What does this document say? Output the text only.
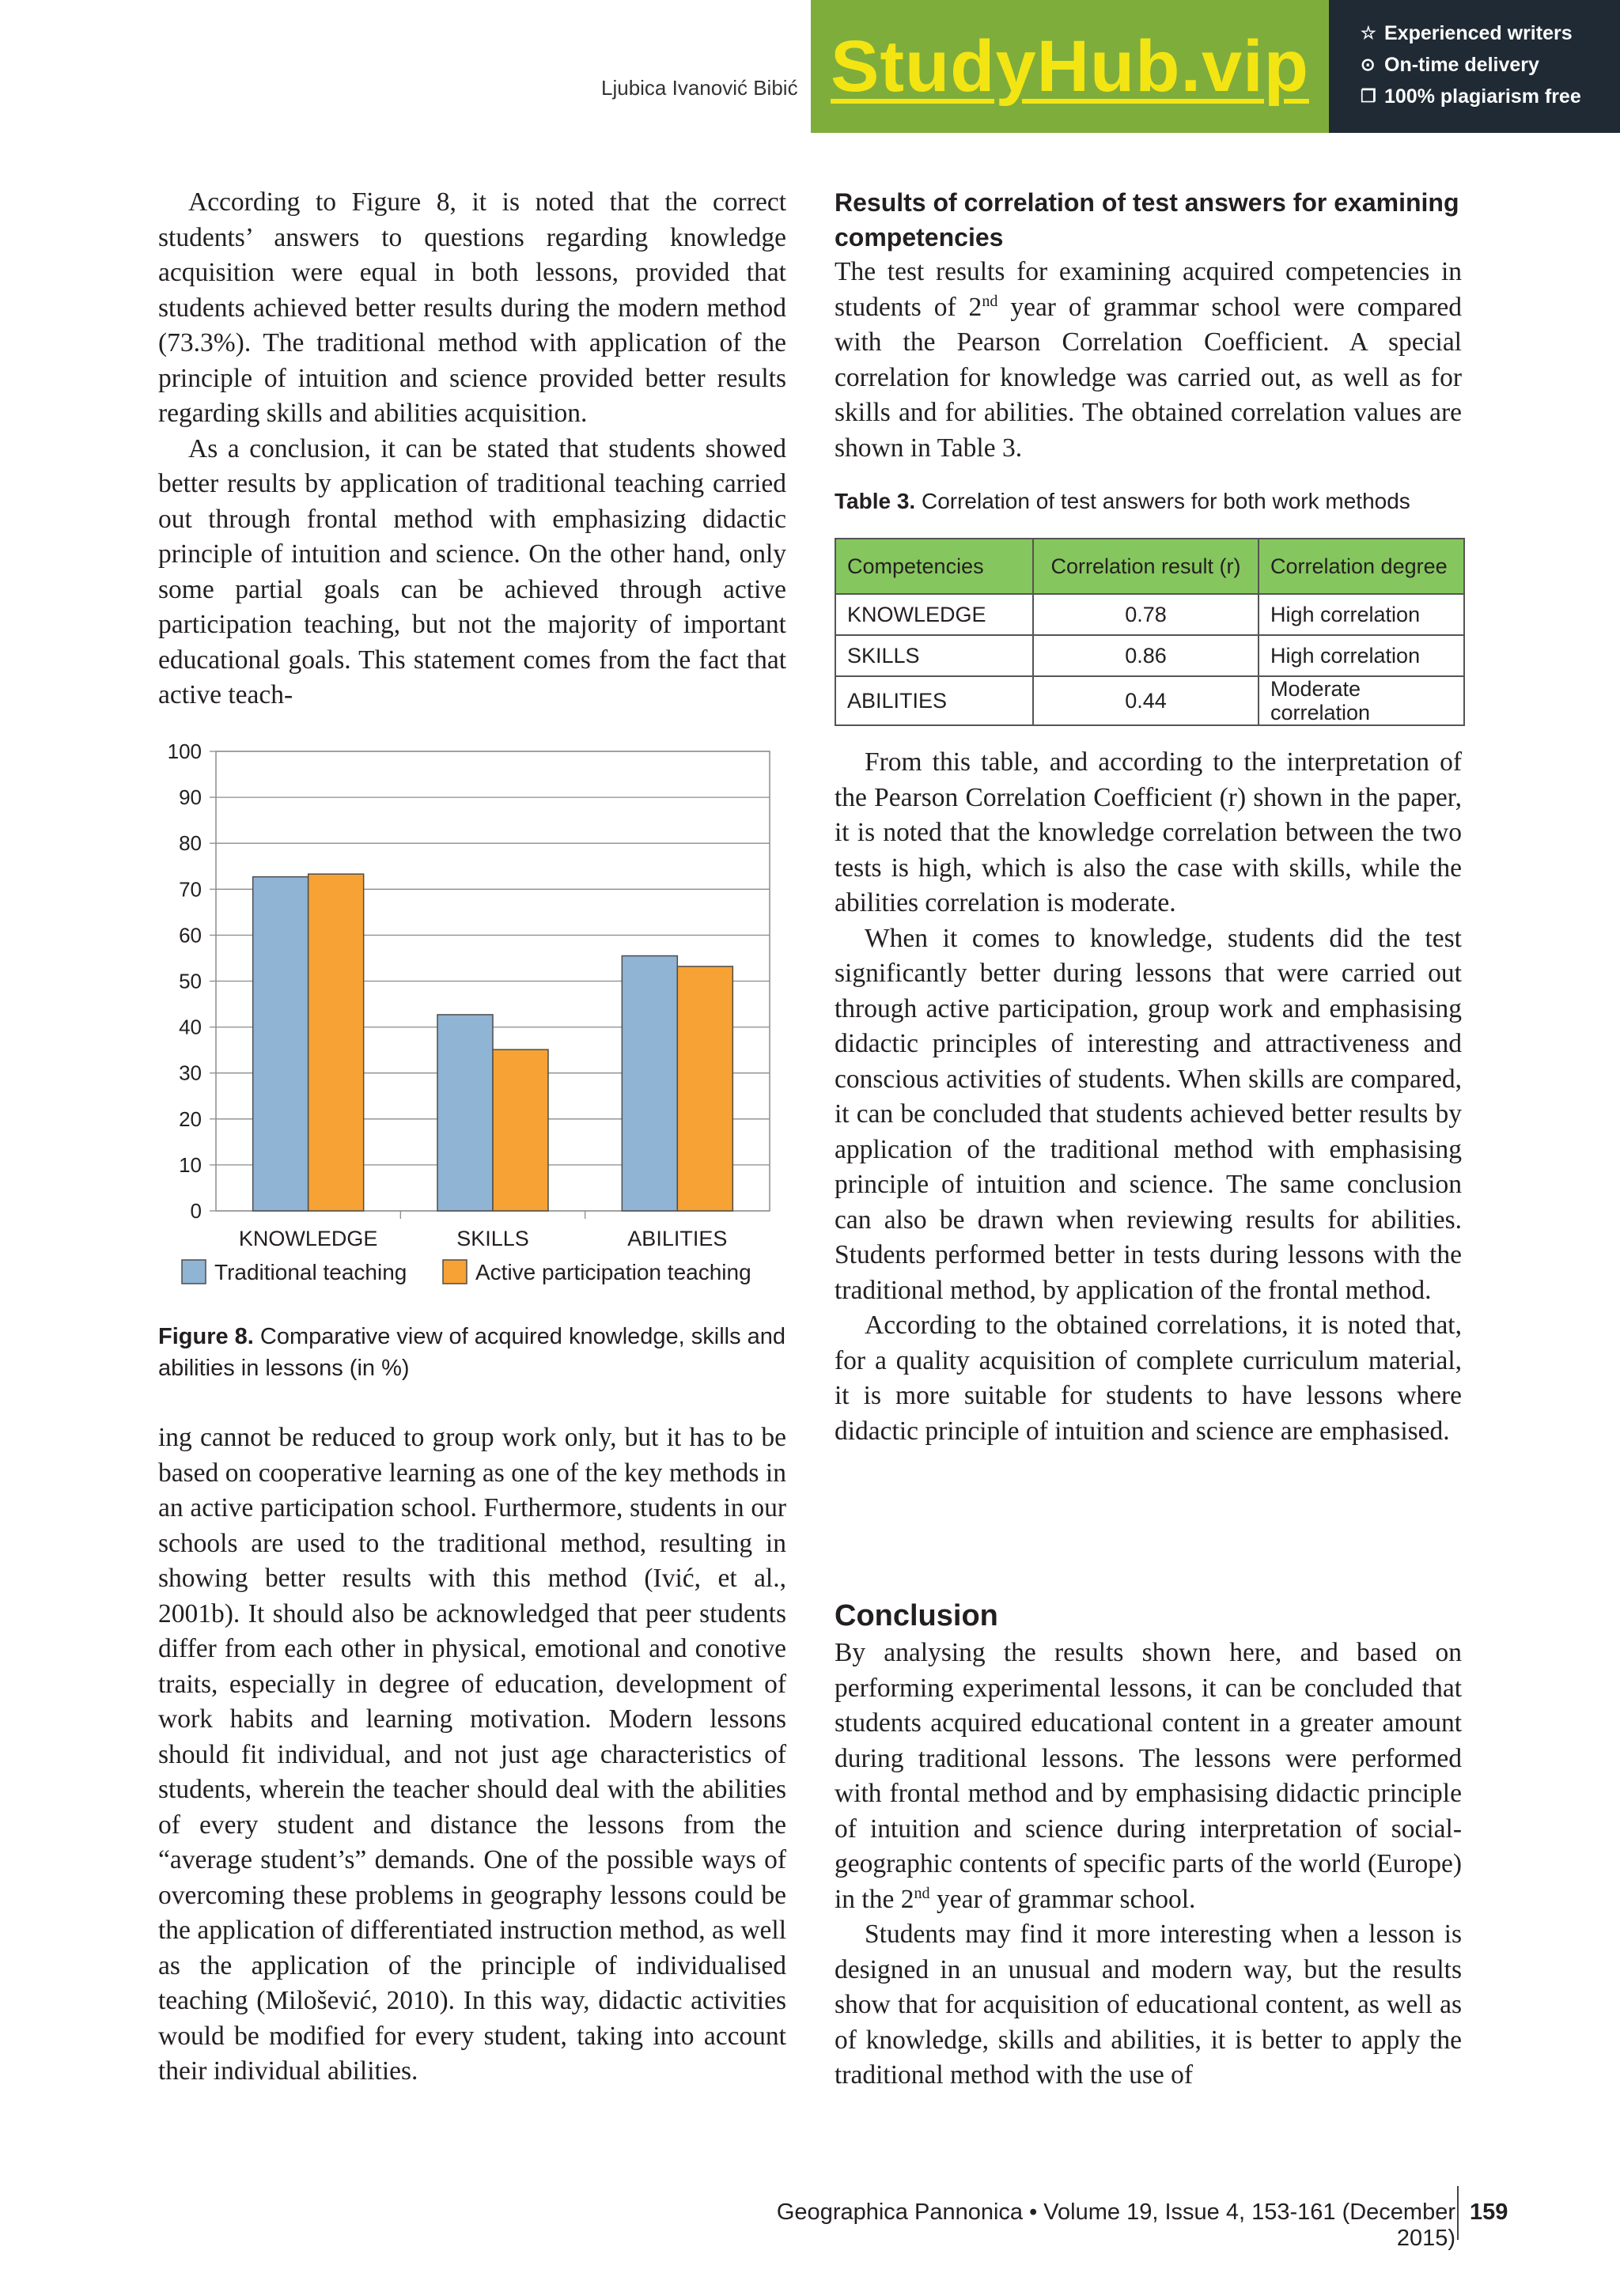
Ljubica Ivanović Bibić StudyHub.vip	☆ Experienced writers
⊙ On-time delivery
❐ 100% plagiarism free

According to Figure 8, it is noted that the correct students’ answers to questions regarding knowledge acquisition were equal in both lessons, provided that students achieved better results during the modern method (73.3%). The traditional method with application of the principle of intuition and science provided better results regarding skills and abilities acquisition.

As a conclusion, it can be stated that students showed better results by application of traditional teaching carried out through frontal method with emphasizing didactic principle of intuition and science. On the other hand, only some partial goals can be achieved through active participation teaching, but not the majority of important educational goals. This statement comes from the fact that active teach-

0
10
20
30
40
50
60
70
80
90
100
KNOWLEDGE	SKILLS	ABILITIES
Traditional teaching	Active participation teaching
Figure 8. Comparative view of acquired knowledge, skills and abilities in lessons (in %)

ing cannot be reduced to group work only, but it has to be based on cooperative learning as one of the key methods in an active participation school. Furthermore, students in our schools are used to the traditional method, resulting in showing better results with this method (Ivić, et al., 2001b). It should also be acknowledged that peer students differ from each other in physical, emotional and conotive traits, especially in degree of education, development of work habits and learning motivation. Modern lessons should fit individual, and not just age characteristics of students, wherein the teacher should deal with the abilities of every student and distance the lessons from the “average student’s” demands. One of the possible ways of overcoming these problems in geography lessons could be the application of differentiated instruction method, as well as the application of the principle of individualised teaching (Milošević, 2010). In this way, didactic activities would be modified for every student, taking into account their individual abilities.

Results of correlation of test answers for examining competencies

The test results for examining acquired competencies in students of 2nd year of grammar school were compared with the Pearson Correlation Coefficient. A special correlation for knowledge was carried out, as well as for skills and for abilities. The obtained correlation values are shown in Table 3.

Table 3. Correlation of test answers for both work methods
Competencies	Correlation result (r)	Correlation degree
KNOWLEDGE	0.78	High correlation
SKILLS	0.86	High correlation
ABILITIES	0.44	Moderate correlation

From this table, and according to the interpretation of the Pearson Correlation Coefficient (r) shown in the paper, it is noted that the knowledge correlation between the two tests is high, which is also the case with skills, while the abilities correlation is moderate.

When it comes to knowledge, students did the test significantly better during lessons that were carried out through active participation, group work and emphasising didactic principles of interesting and attractiveness and conscious activities of students. When skills are compared, it can be concluded that students achieved better results by application of the traditional method with emphasising principle of intuition and science. The same conclusion can also be drawn when reviewing results for abilities. Students performed better in tests during lessons with the traditional method, by application of the frontal method.

According to the obtained correlations, it is noted that, for a quality acquisition of complete curriculum material, it is more suitable for students to have lessons where didactic principle of intuition and science are emphasised.

Conclusion

By analysing the results shown here, and based on performing experimental lessons, it can be concluded that students acquired educational content in a greater amount during traditional lessons. The lessons were performed with frontal method and by emphasising didactic principle of intuition and science during interpretation of social-geographic contents of specific parts of the world (Europe) in the 2nd year of grammar school.

Students may find it more interesting when a lesson is designed in an unusual and modern way, but the results show that for acquisition of educational content, as well as of knowledge, skills and abilities, it is better to apply the traditional method with the use of

Geographica Pannonica • Volume 19, Issue 4, 153-161 (December 2015)
159
